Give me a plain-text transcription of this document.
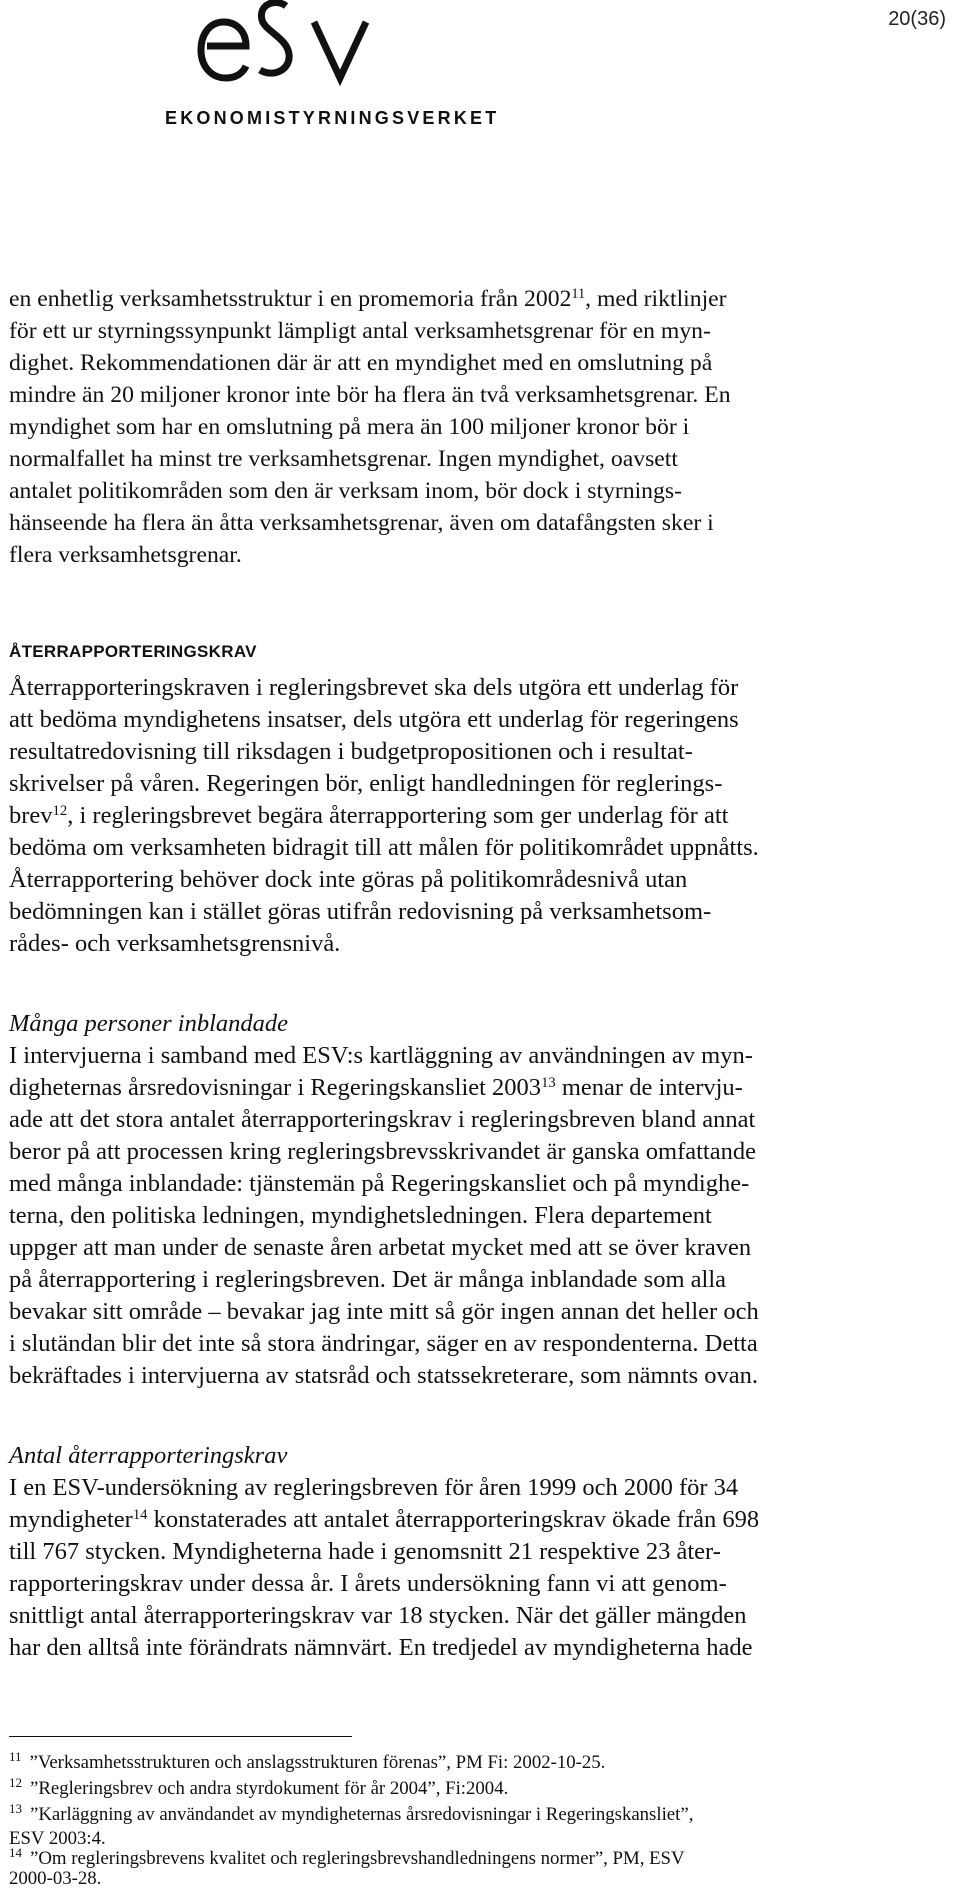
20(36)
EKONOMISTYRNINGSVERKET
en enhetlig verksamhetsstruktur i en promemoria från 2002$^{11}$, med riktlinjer
för ett ur styrningssynpunkt lämpligt antal verksamhetsgrenar för en myn-
dighet. Rekommendationen där är att en myndighet med en omslutning på
mindre än 20 miljoner kronor inte bör ha flera än två verksamhetsgrenar. En
myndighet som har en omslutning på mera än 100 miljoner kronor bör i
normalfallet ha minst tre verksamhetsgrenar. Ingen myndighet, oavsett
antalet politikområden som den är verksam inom, bör dock i styrnings-
hänseende ha flera än åtta verksamhetsgrenar, även om datafångsten sker i
flera verksamhetsgrenar.
ÅTERRAPPORTERINGSKRAV
Återrapporteringskraven i regleringsbrevet ska dels utgöra ett underlag för
att bedöma myndighetens insatser, dels utgöra ett underlag för regeringens
resultatredovisning till riksdagen i budgetpropositionen och i resultat-
skrivelser på våren. Regeringen bör, enligt handledningen för reglerings-
brev$^{12}$, i regleringsbrevet begära återrapportering som ger underlag för att
bedöma om verksamheten bidragit till att målen för politikområdet uppnåtts.
Återrapportering behöver dock inte göras på politikområdesnivå utan
bedömningen kan i stället göras utifrån redovisning på verksamhetsom-
rådes- och verksamhetsgrensnivå.
Många personer inblandade
I intervjuerna i samband med ESV:s kartläggning av användningen av myn-
digheternas årsredovisningar i Regeringskansliet 2003$^{13}$ menar de intervju-
ade att det stora antalet återrapporteringskrav i regleringsbreven bland annat
beror på att processen kring regleringsbrevsskrivandet är ganska omfattande
med många inblandade: tjänstemän på Regeringskansliet och på myndighe-
terna, den politiska ledningen, myndighetsledningen. Flera departement
uppger att man under de senaste åren arbetat mycket med att se över kraven
på återrapportering i regleringsbreven. Det är många inblandade som alla
bevakar sitt område – bevakar jag inte mitt så gör ingen annan det heller och
i slutändan blir det inte så stora ändringar, säger en av respondenterna. Detta
bekräftades i intervjuerna av statsråd och statssekreterare, som nämnts ovan.
Antal återrapporteringskrav
I en ESV-undersökning av regleringsbreven för åren 1999 och 2000 för 34
myndigheter$^{14}$ konstaterades att antalet återrapporteringskrav ökade från 698
till 767 stycken. Myndigheterna hade i genomsnitt 21 respektive 23 åter-
rapporteringskrav under dessa år. I årets undersökning fann vi att genom-
snittligt antal återrapporteringskrav var 18 stycken. När det gäller mängden
har den alltså inte förändrats nämnvärt. En tredjedel av myndigheterna hade
11 ”Verksamhetsstrukturen och anslagsstrukturen förenas”, PM Fi: 2002-10-25.
12 ”Regleringsbrev och andra styrdokument för år 2004”, Fi:2004.
13 ”Karläggning av användandet av myndigheternas årsredovisningar i Regeringskansliet”,
ESV 2003:4.
14 ”Om regleringsbrevens kvalitet och regleringsbrevshandledningens normer”, PM, ESV
2000-03-28.
